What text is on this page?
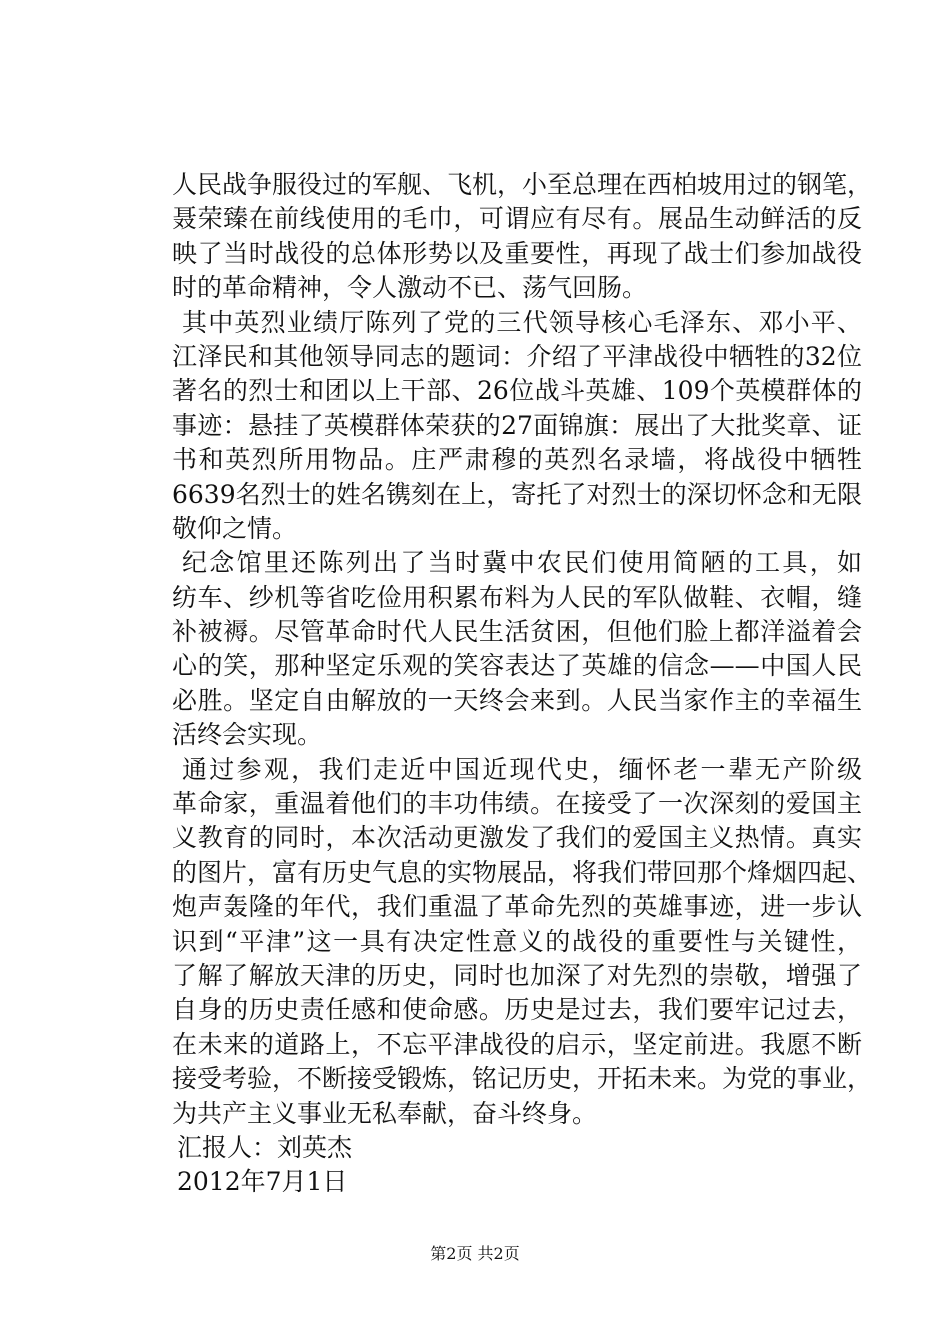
人民战争服役过的军舰、飞机，小至总理在西柏坡用过的钢笔，
聂荣臻在前线使用的毛巾，可谓应有尽有。展品生动鲜活的反
映了当时战役的总体形势以及重要性，再现了战士们参加战役
时的革命精神，令人激动不已、荡气回肠。
其中英烈业绩厅陈列了党的三代领导核心毛泽东、邓小平、
江泽民和其他领导同志的题词：介绍了平津战役中牺牲的32位
著名的烈士和团以上干部、26位战斗英雄、109个英模群体的
事迹：悬挂了英模群体荣获的27面锦旗：展出了大批奖章、证
书和英烈所用物品。庄严肃穆的英烈名录墙，将战役中牺牲
6639名烈士的姓名镌刻在上，寄托了对烈士的深切怀念和无限
敬仰之情。
纪念馆里还陈列出了当时冀中农民们使用简陋的工具，如
纺车、纱机等省吃俭用积累布料为人民的军队做鞋、衣帽，缝
补被褥。尽管革命时代人民生活贫困，但他们脸上都洋溢着会
心的笑，那种坚定乐观的笑容表达了英雄的信念——中国人民
必胜。坚定自由解放的一天终会来到。人民当家作主的幸福生
活终会实现。
通过参观，我们走近中国近现代史，缅怀老一辈无产阶级
革命家，重温着他们的丰功伟绩。在接受了一次深刻的爱国主
义教育的同时，本次活动更激发了我们的爱国主义热情。真实
的图片，富有历史气息的实物展品，将我们带回那个烽烟四起、
炮声轰隆的年代，我们重温了革命先烈的英雄事迹，进一步认
识到“平津”这一具有决定性意义的战役的重要性与关键性，
了解了解放天津的历史，同时也加深了对先烈的崇敬，增强了
自身的历史责任感和使命感。历史是过去，我们要牢记过去，
在未来的道路上，不忘平津战役的启示，坚定前进。我愿不断
接受考验，不断接受锻炼，铭记历史，开拓未来。为党的事业，
为共产主义事业无私奉献，奋斗终身。
汇报人：刘英杰
2012年7月1日
第2页 共2页
